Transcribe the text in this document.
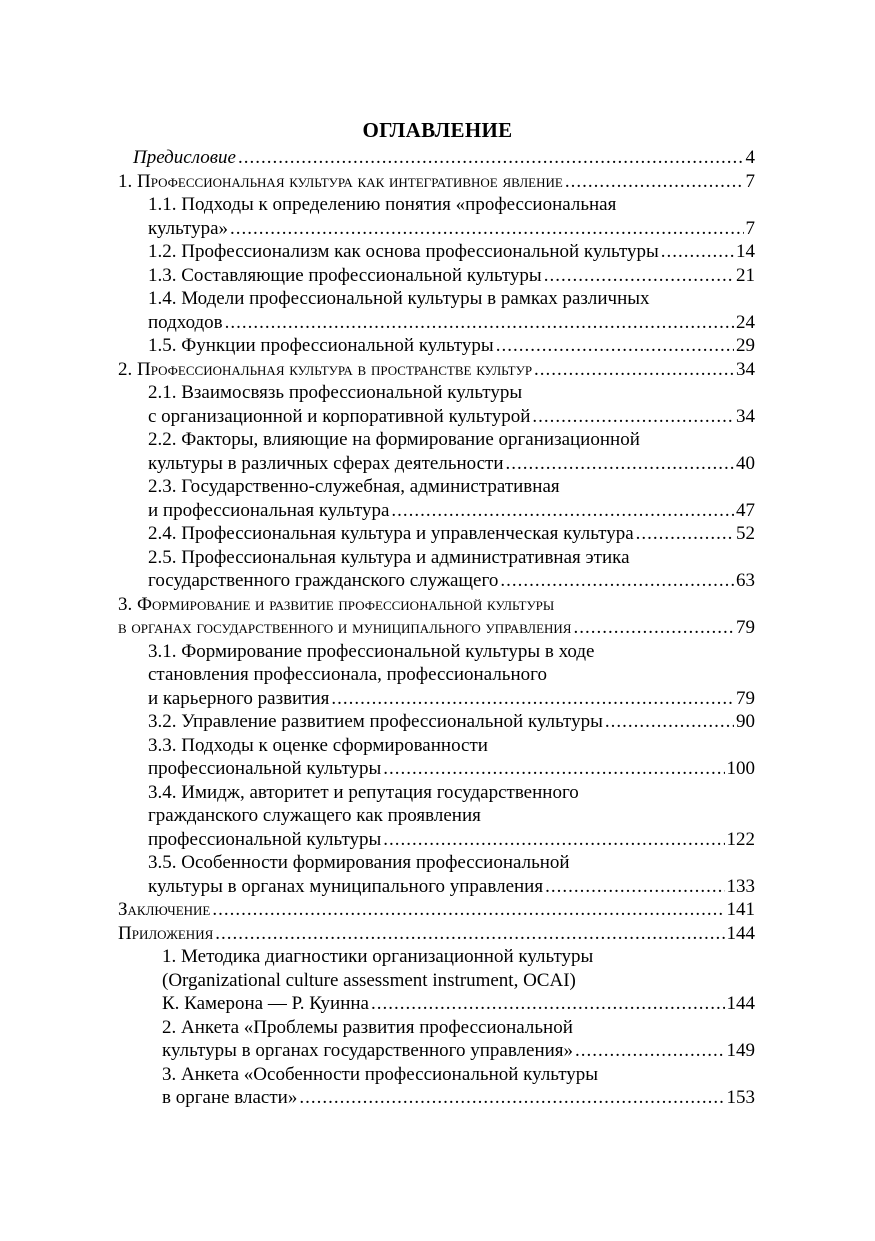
ОГЛАВЛЕНИЕ
Предисловие .....	4
1. Профессиональная культура как интегративное явление .....	7
1.1. Подходы к определению понятия «профессиональная
культура» .....	7
1.2. Профессионализм как основа профессиональной культуры .....	14
1.3. Составляющие профессиональной культуры .....	21
1.4. Модели профессиональной культуры в рамках различных
подходов .....	24
1.5. Функции профессиональной культуры .....	29
2. Профессиональная культура в пространстве культур .....	34
2.1. Взаимосвязь профессиональной культуры
с организационной и корпоративной культурой .....	34
2.2. Факторы, влияющие на формирование организационной
культуры в различных сферах деятельности .....	40
2.3. Государственно-служебная, административная
и профессиональная культура .....	47
2.4. Профессиональная культура и управленческая культура .....	52
2.5. Профессиональная культура и административная этика
государственного гражданского служащего .....	63
3. Формирование и развитие профессиональной культуры
в органах государственного и муниципального управления .....	79
3.1. Формирование профессиональной культуры в ходе
становления профессионала, профессионального
и карьерного развития .....	79
3.2. Управление развитием профессиональной культуры .....	90
3.3. Подходы к оценке сформированности
профессиональной культуры .....	100
3.4. Имидж, авторитет и репутация государственного
гражданского служащего как проявления
профессиональной культуры .....	122
3.5. Особенности формирования профессиональной
культуры в органах муниципального управления .....	133
Заключение .....	141
Приложения .....	144
1. Методика диагностики организационной культуры
(Organizational culture assessment instrument, OCAI)
К. Камерона — Р. Куинна .....	144
2. Анкета «Проблемы развития профессиональной
культуры в органах государственного управления» .....	149
3. Анкета «Особенности профессиональной культуры
в органе власти» .....	153
